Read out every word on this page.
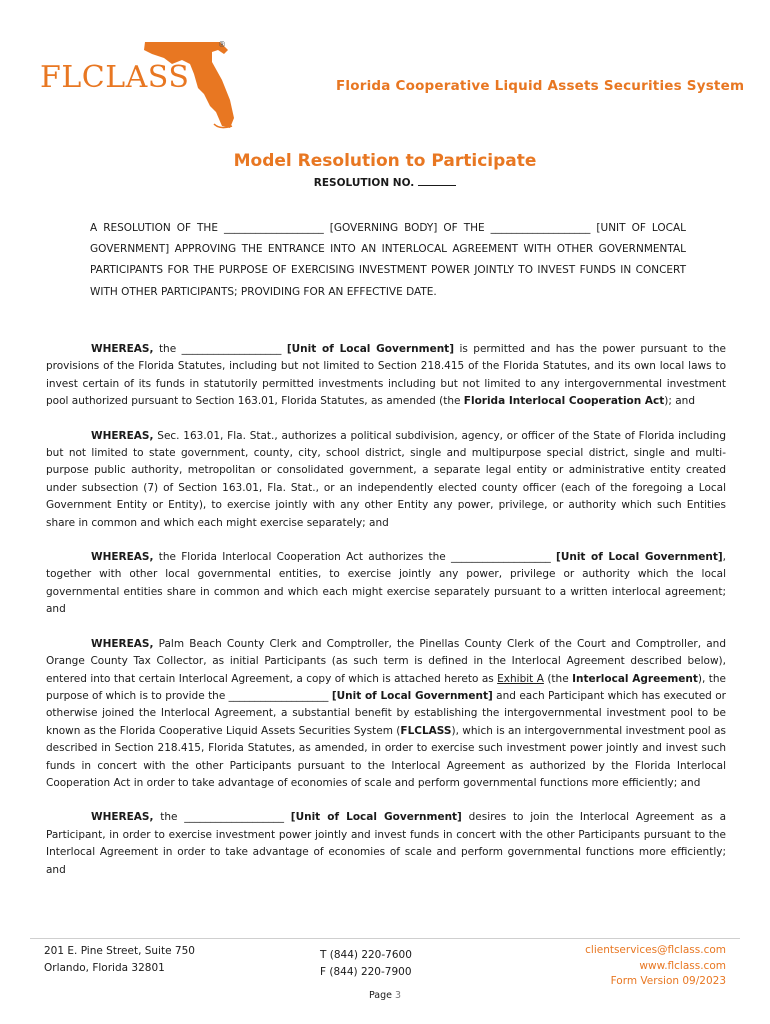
FLCLASS
®
Florida Cooperative Liquid Assets Securities System
Model Resolution to Participate
RESOLUTION NO.

A RESOLUTION OF THE ___________________ [GOVERNING BODY] OF THE ___________________ [UNIT OF LOCAL GOVERNMENT] APPROVING THE ENTRANCE INTO AN INTERLOCAL AGREEMENT WITH OTHER GOVERNMENTAL PARTICIPANTS FOR THE PURPOSE OF EXERCISING INVESTMENT POWER JOINTLY TO INVEST FUNDS IN CONCERT WITH OTHER PARTICIPANTS; PROVIDING FOR AN EFFECTIVE DATE.

WHEREAS, the ___________________ [Unit of Local Government] is permitted and has the power pursuant to the provisions of the Florida Statutes, including but not limited to Section 218.415 of the Florida Statutes, and its own local laws to invest certain of its funds in statutorily permitted investments including but not limited to any intergovernmental investment pool authorized pursuant to Section 163.01, Florida Statutes, as amended (the Florida Interlocal Cooperation Act); and

WHEREAS, Sec. 163.01, Fla. Stat., authorizes a political subdivision, agency, or officer of the State of Florida including but not limited to state government, county, city, school district, single and multipurpose special district, single and multi-purpose public authority, metropolitan or consolidated government, a separate legal entity or administrative entity created under subsection (7) of Section 163.01, Fla. Stat., or an independently elected county officer (each of the foregoing a Local Government Entity or Entity), to exercise jointly with any other Entity any power, privilege, or authority which such Entities share in common and which each might exercise separately; and

WHEREAS, the Florida Interlocal Cooperation Act authorizes the ___________________ [Unit of Local Government], together with other local governmental entities, to exercise jointly any power, privilege or authority which the local governmental entities share in common and which each might exercise separately pursuant to a written interlocal agreement; and

WHEREAS, Palm Beach County Clerk and Comptroller, the Pinellas County Clerk of the Court and Comptroller, and Orange County Tax Collector, as initial Participants (as such term is defined in the Interlocal Agreement described below), entered into that certain Interlocal Agreement, a copy of which is attached hereto as Exhibit A (the Interlocal Agreement), the purpose of which is to provide the ___________________ [Unit of Local Government] and each Participant which has executed or otherwise joined the Interlocal Agreement, a substantial benefit by establishing the intergovernmental investment pool to be known as the Florida Cooperative Liquid Assets Securities System (FLCLASS), which is an intergovernmental investment pool as described in Section 218.415, Florida Statutes, as amended, in order to exercise such investment power jointly and invest such funds in concert with the other Participants pursuant to the Interlocal Agreement as authorized by the Florida Interlocal Cooperation Act in order to take advantage of economies of scale and perform governmental functions more efficiently; and

WHEREAS, the ___________________ [Unit of Local Government] desires to join the Interlocal Agreement as a Participant, in order to exercise investment power jointly and invest funds in concert with the other Participants pursuant to the Interlocal Agreement in order to take advantage of economies of scale and perform governmental functions more efficiently; and

201 E. Pine Street, Suite 750
Orlando, Florida 32801
T (844) 220-7600
F (844) 220-7900
clientservices@flclass.com
www.flclass.com
Form Version 09/2023
Page 3
